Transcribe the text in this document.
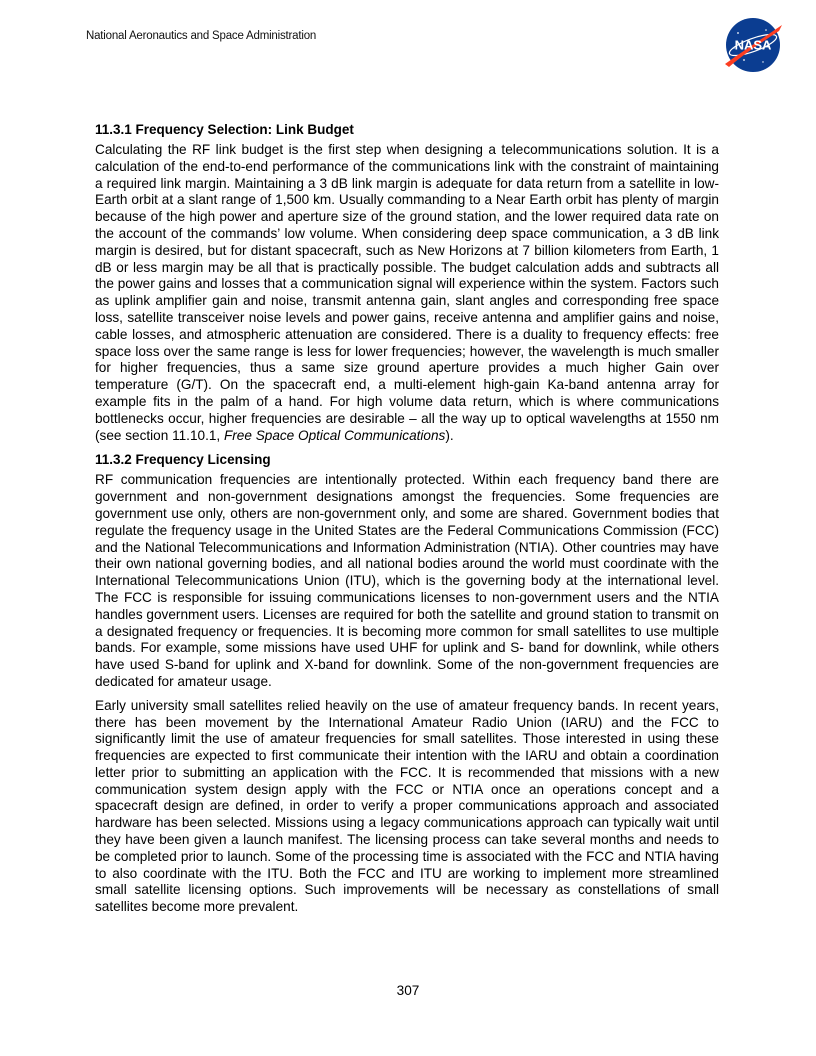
National Aeronautics and Space Administration
NASA
11.3.1 Frequency Selection: Link Budget

Calculating the RF link budget is the first step when designing a telecommunications solution. It is a calculation of the end-to-end performance of the communications link with the constraint of maintaining a required link margin. Maintaining a 3 dB link margin is adequate for data return from a satellite in low-Earth orbit at a slant range of 1,500 km. Usually commanding to a Near Earth orbit has plenty of margin because of the high power and aperture size of the ground station, and the lower required data rate on the account of the commands’ low volume. When considering deep space communication, a 3 dB link margin is desired, but for distant spacecraft, such as New Horizons at 7 billion kilometers from Earth, 1 dB or less margin may be all that is practically possible. The budget calculation adds and subtracts all the power gains and losses that a communication signal will experience within the system. Factors such as uplink amplifier gain and noise, transmit antenna gain, slant angles and corresponding free space loss, satellite transceiver noise levels and power gains, receive antenna and amplifier gains and noise, cable losses, and atmospheric attenuation are considered. There is a duality to frequency effects: free space loss over the same range is less for lower frequencies; however, the wavelength is much smaller for higher frequencies, thus a same size ground aperture provides a much higher Gain over temperature (G/T). On the spacecraft end, a multi-element high-gain Ka-band antenna array for example fits in the palm of a hand. For high volume data return, which is where communications bottlenecks occur, higher frequencies are desirable – all the way up to optical wavelengths at 1550 nm (see section 11.10.1, Free Space Optical Communications).

11.3.2 Frequency Licensing

RF communication frequencies are intentionally protected. Within each frequency band there are government and non-government designations amongst the frequencies. Some frequencies are government use only, others are non-government only, and some are shared. Government bodies that regulate the frequency usage in the United States are the Federal Communications Commission (FCC) and the National Telecommunications and Information Administration (NTIA). Other countries may have their own national governing bodies, and all national bodies around the world must coordinate with the International Telecommunications Union (ITU), which is the governing body at the international level. The FCC is responsible for issuing communications licenses to non-government users and the NTIA handles government users. Licenses are required for both the satellite and ground station to transmit on a designated frequency or frequencies. It is becoming more common for small satellites to use multiple bands. For example, some missions have used UHF for uplink and S- band for downlink, while others have used S-band for uplink and X-band for downlink. Some of the non-government frequencies are dedicated for amateur usage.

Early university small satellites relied heavily on the use of amateur frequency bands. In recent years, there has been movement by the International Amateur Radio Union (IARU) and the FCC to significantly limit the use of amateur frequencies for small satellites. Those interested in using these frequencies are expected to first communicate their intention with the IARU and obtain a coordination letter prior to submitting an application with the FCC. It is recommended that missions with a new communication system design apply with the FCC or NTIA once an operations concept and a spacecraft design are defined, in order to verify a proper communications approach and associated hardware has been selected. Missions using a legacy communications approach can typically wait until they have been given a launch manifest. The licensing process can take several months and needs to be completed prior to launch. Some of the processing time is associated with the FCC and NTIA having to also coordinate with the ITU. Both the FCC and ITU are working to implement more streamlined small satellite licensing options. Such improvements will be necessary as constellations of small satellites become more prevalent.

307
